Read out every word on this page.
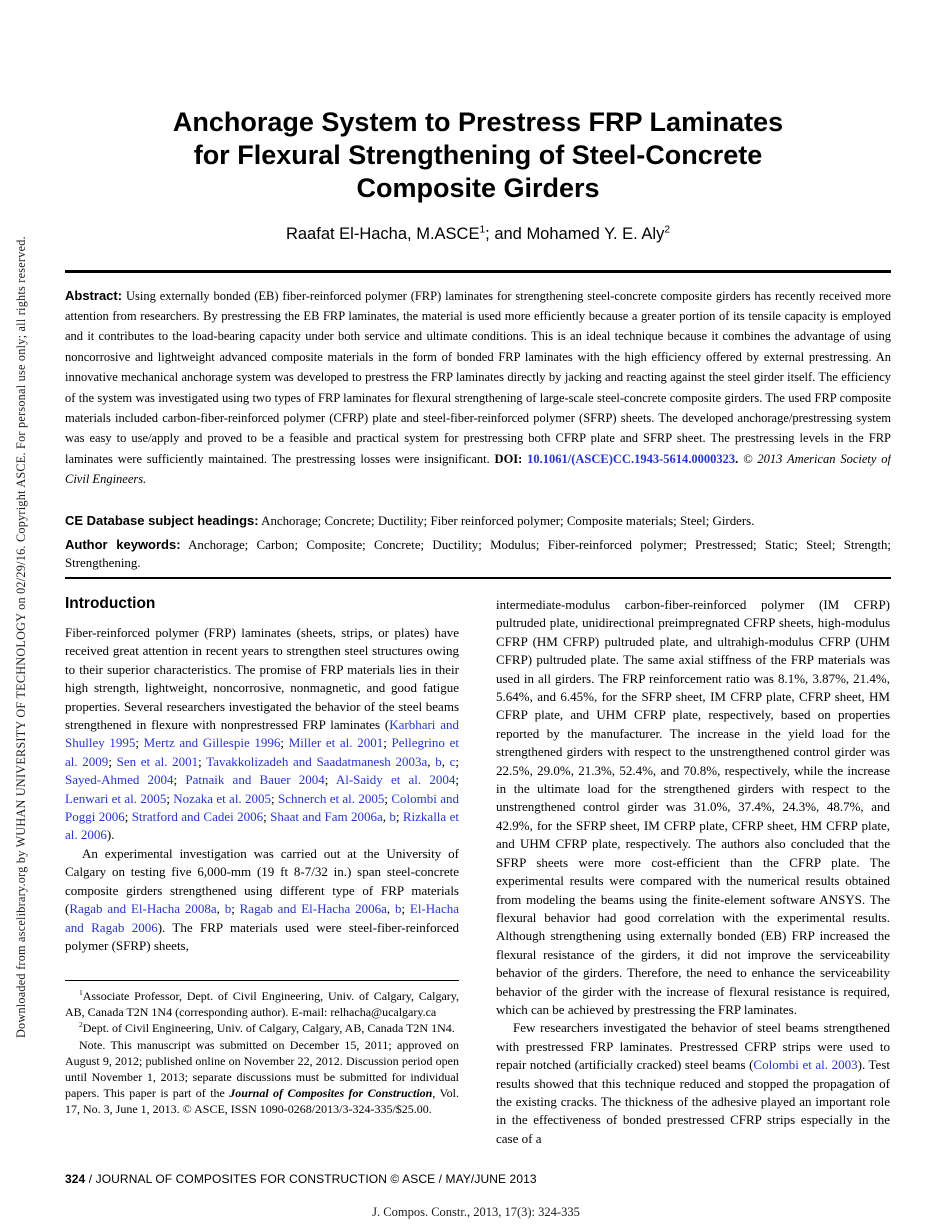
Downloaded from ascelibrary.org by WUHAN UNIVERSITY OF TECHNOLOGY on 02/29/16. Copyright ASCE. For personal use only; all rights reserved.
Anchorage System to Prestress FRP Laminates
for Flexural Strengthening of Steel-Concrete
Composite Girders
Raafat El-Hacha, M.ASCE$^1$; and Mohamed Y. E. Aly$^2$
Abstract: Using externally bonded (EB) fiber-reinforced polymer (FRP) laminates for strengthening steel-concrete composite girders has recently received more attention from researchers. By prestressing the EB FRP laminates, the material is used more efficiently because a greater portion of its tensile capacity is employed and it contributes to the load-bearing capacity under both service and ultimate conditions. This is an ideal technique because it combines the advantage of using noncorrosive and lightweight advanced composite materials in the form of bonded FRP laminates with the high efficiency offered by external prestressing. An innovative mechanical anchorage system was developed to prestress the FRP laminates directly by jacking and reacting against the steel girder itself. The efficiency of the system was investigated using two types of FRP laminates for flexural strengthening of large-scale steel-concrete composite girders. The used FRP composite materials included carbon-fiber-reinforced polymer (CFRP) plate and steel-fiber-reinforced polymer (SFRP) sheets. The developed anchorage/prestressing system was easy to use/apply and proved to be a feasible and practical system for prestressing both CFRP plate and SFRP sheet. The prestressing levels in the FRP laminates were sufficiently maintained. The prestressing losses were insignificant. DOI: 10.1061/(ASCE)CC.1943-5614.0000323. © 2013 American Society of Civil Engineers.
CE Database subject headings: Anchorage; Concrete; Ductility; Fiber reinforced polymer; Composite materials; Steel; Girders.
Author keywords: Anchorage; Carbon; Composite; Concrete; Ductility; Modulus; Fiber-reinforced polymer; Prestressed; Static; Steel; Strength; Strengthening.
Introduction

Fiber-reinforced polymer (FRP) laminates (sheets, strips, or plates) have received great attention in recent years to strengthen steel structures owing to their superior characteristics. The promise of FRP materials lies in their high strength, lightweight, noncorrosive, nonmagnetic, and good fatigue properties. Several researchers investigated the behavior of the steel beams strengthened in flexure with nonprestressed FRP laminates (Karbhari and Shulley 1995; Mertz and Gillespie 1996; Miller et al. 2001; Pellegrino et al. 2009; Sen et al. 2001; Tavakkolizadeh and Saadatmanesh 2003a, b, c; Sayed-Ahmed 2004; Patnaik and Bauer 2004; Al-Saidy et al. 2004; Lenwari et al. 2005; Nozaka et al. 2005; Schnerch et al. 2005; Colombi and Poggi 2006; Stratford and Cadei 2006; Shaat and Fam 2006a, b; Rizkalla et al. 2006).

An experimental investigation was carried out at the University of Calgary on testing five 6,000-mm (19 ft 8-7/32 in.) span steel-concrete composite girders strengthened using different type of FRP materials (Ragab and El-Hacha 2008a, b; Ragab and El-Hacha 2006a, b; El-Hacha and Ragab 2006). The FRP materials used were steel-fiber-reinforced polymer (SFRP) sheets,

$^1$Associate Professor, Dept. of Civil Engineering, Univ. of Calgary, Calgary, AB, Canada T2N 1N4 (corresponding author). E-mail: relhacha@ucalgary.ca

$^2$Dept. of Civil Engineering, Univ. of Calgary, Calgary, AB, Canada T2N 1N4.

Note. This manuscript was submitted on December 15, 2011; approved on August 9, 2012; published online on November 22, 2012. Discussion period open until November 1, 2013; separate discussions must be submitted for individual papers. This paper is part of the Journal of Composites for Construction, Vol. 17, No. 3, June 1, 2013. © ASCE, ISSN 1090-0268/2013/3-324-335/$25.00.

intermediate-modulus carbon-fiber-reinforced polymer (IM CFRP) pultruded plate, unidirectional preimpregnated CFRP sheets, high-modulus CFRP (HM CFRP) pultruded plate, and ultrahigh-modulus CFRP (UHM CFRP) pultruded plate. The same axial stiffness of the FRP materials was used in all girders. The FRP reinforcement ratio was 8.1%, 3.87%, 21.4%, 5.64%, and 6.45%, for the SFRP sheet, IM CFRP plate, CFRP sheet, HM CFRP plate, and UHM CFRP plate, respectively, based on properties reported by the manufacturer. The increase in the yield load for the strengthened girders with respect to the unstrengthened control girder was 22.5%, 29.0%, 21.3%, 52.4%, and 70.8%, respectively, while the increase in the ultimate load for the strengthened girders with respect to the unstrengthened control girder was 31.0%, 37.4%, 24.3%, 48.7%, and 42.9%, for the SFRP sheet, IM CFRP plate, CFRP sheet, HM CFRP plate, and UHM CFRP plate, respectively. The authors also concluded that the SFRP sheets were more cost-efficient than the CFRP plate. The experimental results were compared with the numerical results obtained from modeling the beams using the finite-element software ANSYS. The flexural behavior had good correlation with the experimental results. Although strengthening using externally bonded (EB) FRP increased the flexural resistance of the girders, it did not improve the serviceability behavior of the girders. Therefore, the need to enhance the serviceability behavior of the girder with the increase of flexural resistance is required, which can be achieved by prestressing the FRP laminates.

Few researchers investigated the behavior of steel beams strengthened with prestressed FRP laminates. Prestressed CFRP strips were used to repair notched (artificially cracked) steel beams (Colombi et al. 2003). Test results showed that this technique reduced and stopped the propagation of the existing cracks. The thickness of the adhesive played an important role in the effectiveness of bonded prestressed CFRP strips especially in the case of a

324 / JOURNAL OF COMPOSITES FOR CONSTRUCTION © ASCE / MAY/JUNE 2013
J. Compos. Constr., 2013, 17(3): 324-335
